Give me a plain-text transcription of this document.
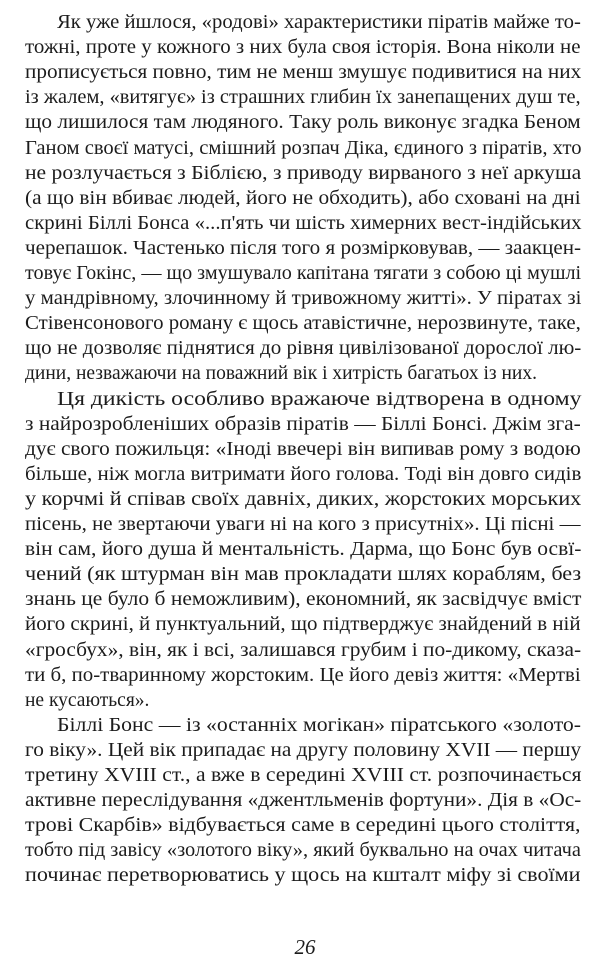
Як уже йшлося, «родові» характеристики піратів майже то-
тожні, проте у кожного з них була своя історія. Вона ніколи не
прописується повно, тим не менш змушує подивитися на них
із жалем, «витягує» із страшних глибин їх занепащених душ те,
що лишилося там людяного. Таку роль виконує згадка Беном
Ганом своєї матусі, смішний розпач Діка, єдиного з піратів, хто
не розлучається з Біблією, з приводу вирваного з неї аркуша
(а що він вбиває людей, його не обходить), або сховані на дні
скрині Біллі Бонса «...п'ять чи шість химерних вест-індійських
черепашок. Частенько після того я розмірковував, — заакцен-
товує Гокінс, — що змушувало капітана тягати з собою ці мушлі
у мандрівному, злочинному й тривожному житті». У піратах зі
Стівенсонового роману є щось атавістичне, нерозвинуте, таке,
що не дозволяє піднятися до рівня цивілізованої дорослої лю-
дини, незважаючи на поважний вік і хитрість багатьох із них.
Ця дикість особливо вражаюче відтворена в одному
з найрозробленіших образів піратів — Біллі Бонсі. Джім зга-
дує свого пожильця: «Іноді ввечері він випивав рому з водою
більше, ніж могла витримати його голова. Тоді він довго сидів
у корчмі й співав своїх давніх, диких, жорстоких морських
пісень, не звертаючи уваги ні на кого з присутніх». Ці пісні —
він сам, його душа й ментальність. Дарма, що Бонс був освї-
чений (як штурман він мав прокладати шлях кораблям, без
знань це було б неможливим), економний, як засвідчує вміст
його скрині, й пунктуальний, що підтверджує знайдений в ній
«гросбух», він, як і всі, залишався грубим і по-дикому, сказа-
ти б, по-тваринному жорстоким. Це його девіз життя: «Мертві
не кусаються».
Біллі Бонс — із «останніх могікан» піратського «золото-
го віку». Цей вік припадає на другу половину XVII — першу
третину XVIII ст., а вже в середині XVIII ст. розпочинається
активне переслідування «джентльменів фортуни». Дія в «Ос-
трові Скарбів» відбувається саме в середині цього століття,
тобто під завісу «золотого віку», який буквально на очах читача
починає перетворюватись у щось на кшталт міфу зі своїми
26
